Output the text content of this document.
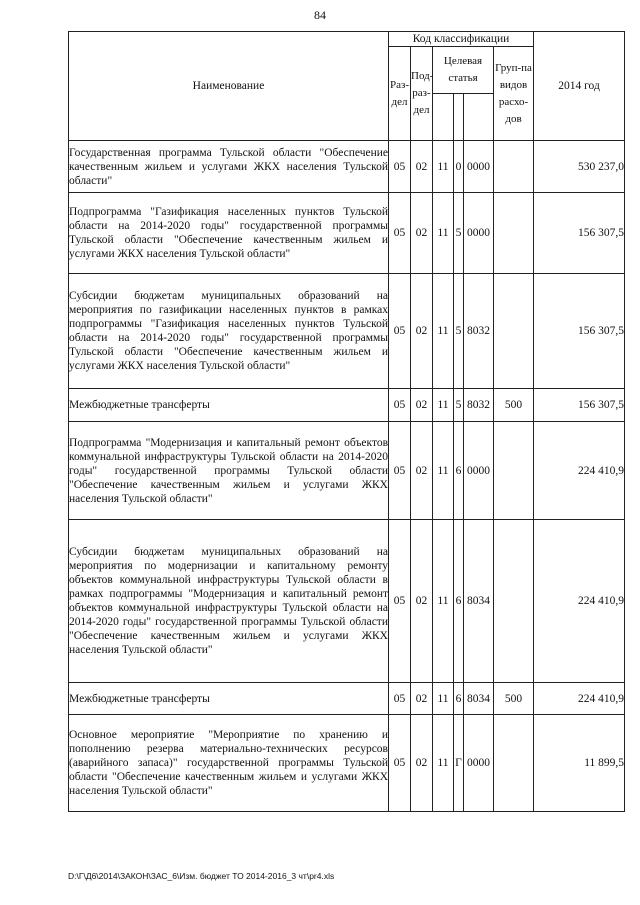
84
Наименование	Код классификации						2014 год
	Раз-дел	Под-раз-дел	Целевая статья			Груп-па видов расхо-дов	

Государственная программа Тульской области "Обеспечение качественным жильем и услугами ЖКХ населения Тульской области"	05	02	11	0	0000		530 237,0
Подпрограмма "Газификация населенных пунктов Тульской области на 2014-2020 годы" государственной программы Тульской области "Обеспечение качественным жильем и услугами ЖКХ населения Тульской области"	05	02	11	5	0000		156 307,5
Субсидии бюджетам муниципальных образований на мероприятия по газификации населенных пунктов в рамках подпрограммы "Газификация населенных пунктов Тульской области на 2014-2020 годы" государственной программы Тульской области "Обеспечение качественным жильем и услугами ЖКХ населения Тульской области"	05	02	11	5	8032		156 307,5
Межбюджетные трансферты	05	02	11	5	8032	500	156 307,5
Подпрограмма "Модернизация и капитальный ремонт объектов коммунальной инфраструктуры Тульской области на 2014-2020 годы" государственной программы Тульской области "Обеспечение качественным жильем и услугами ЖКХ населения Тульской области"	05	02	11	6	0000		224 410,9
Субсидии бюджетам муниципальных образований на мероприятия по модернизации и капитальному ремонту объектов коммунальной инфраструктуры Тульской области в рамках подпрограммы "Модернизация и капитальный ремонт объектов коммунальной инфраструктуры Тульской области на 2014-2020 годы" государственной программы Тульской области "Обеспечение качественным жильем и услугами ЖКХ населения Тульской области"	05	02	11	6	8034		224 410,9
Межбюджетные трансферты	05	02	11	6	8034	500	224 410,9
Основное мероприятие "Мероприятие по хранению и пополнению резерва материально-технических ресурсов (аварийного запаса)" государственной программы Тульской области "Обеспечение качественным жильем и услугами ЖКХ населения Тульской области"	05	02	11	Г	0000		11 899,5
D:\Г\Д6\2014\ЗАКОН\ЗАС_6\Изм. бюджет ТО 2014-2016_3 чт\pr4.xls
